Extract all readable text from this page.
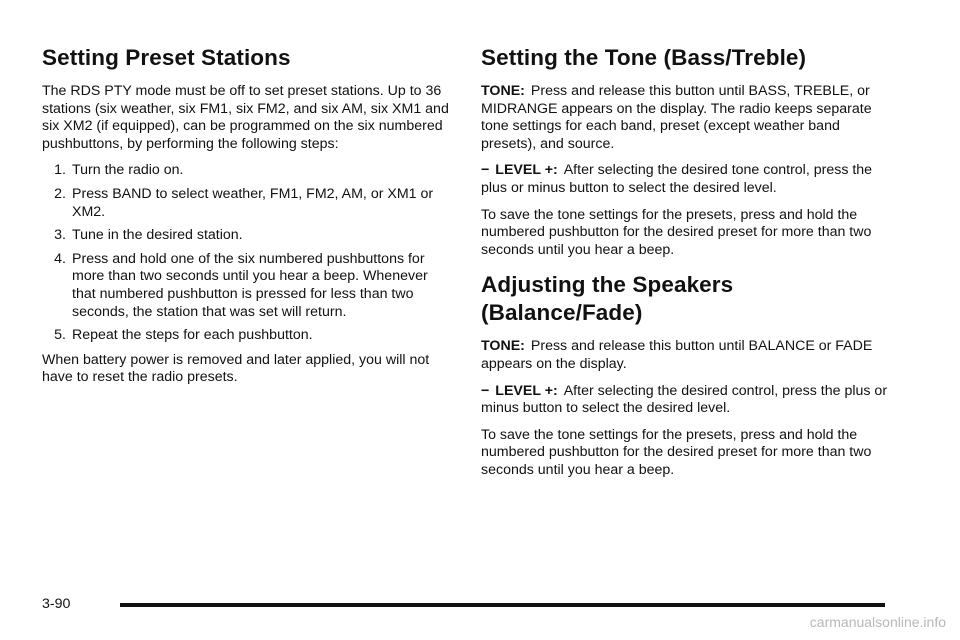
Setting Preset Stations

The RDS PTY mode must be off to set preset stations. Up to 36 stations (six weather, six FM1, six FM2, and six AM, six XM1 and six XM2 (if equipped), can be programmed on the six numbered pushbuttons, by performing the following steps:

1. Turn the radio on.
2. Press BAND to select weather, FM1, FM2, AM, or XM1 or XM2.
3. Tune in the desired station.
4. Press and hold one of the six numbered pushbuttons for more than two seconds until you hear a beep. Whenever that numbered pushbutton is pressed for less than two seconds, the station that was set will return.
5. Repeat the steps for each pushbutton.

When battery power is removed and later applied, you will not have to reset the radio presets.

Setting the Tone (Bass/Treble)

TONE: Press and release this button until BASS, TREBLE, or MIDRANGE appears on the display. The radio keeps separate tone settings for each band, preset (except weather band presets), and source.

− LEVEL +: After selecting the desired tone control, press the plus or minus button to select the desired level.

To save the tone settings for the presets, press and hold the numbered pushbutton for the desired preset for more than two seconds until you hear a beep.

Adjusting the Speakers (Balance/Fade)

TONE: Press and release this button until BALANCE or FADE appears on the display.

− LEVEL +: After selecting the desired control, press the plus or minus button to select the desired level.

To save the tone settings for the presets, press and hold the numbered pushbutton for the desired preset for more than two seconds until you hear a beep.

3-90
carmanualsonline.info
